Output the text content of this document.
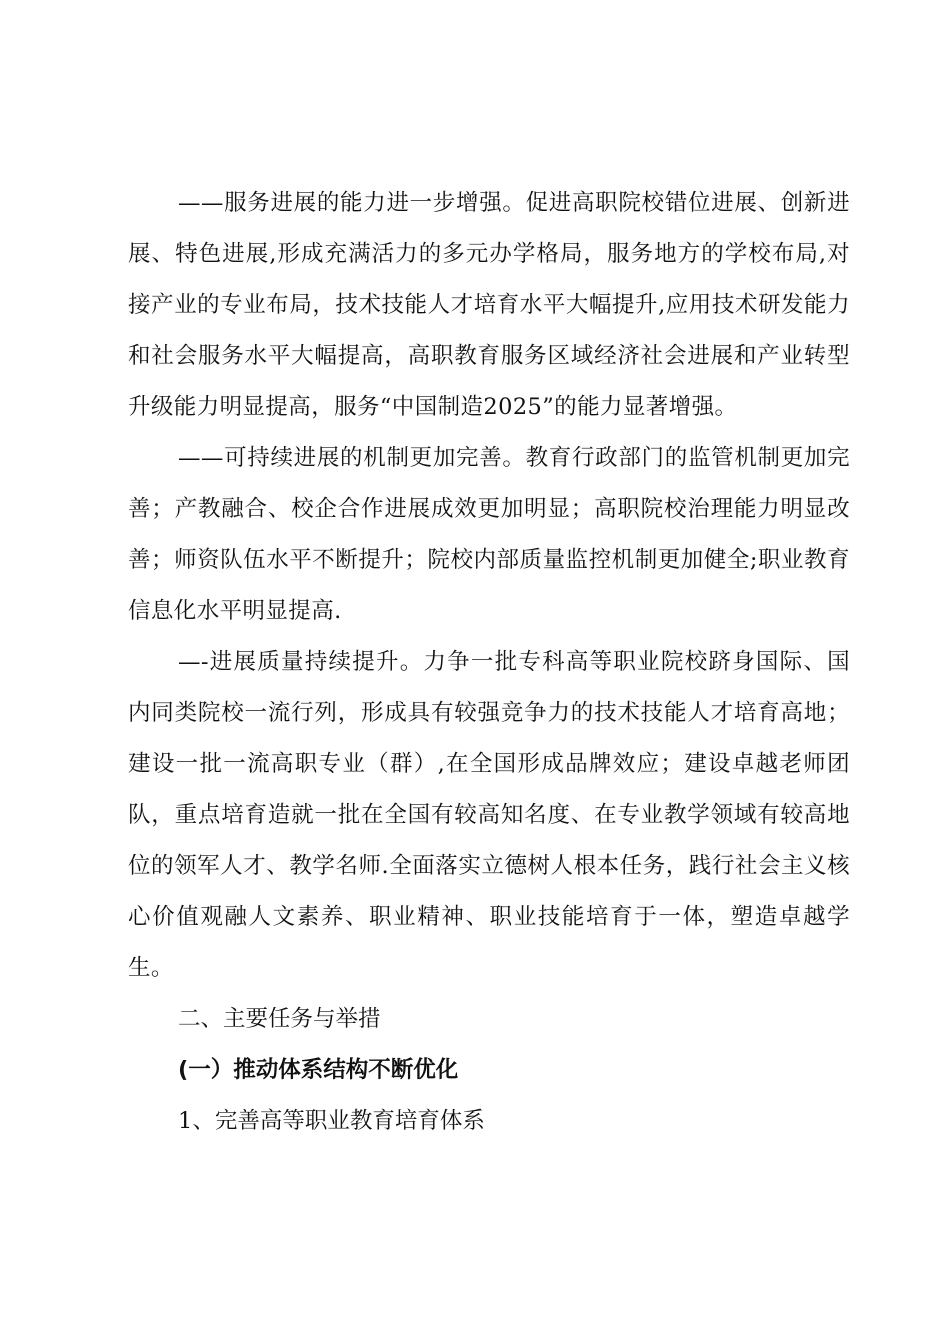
——服务进展的能力进一步增强。促进高职院校错位进展、创新进展、特色进展,形成充满活力的多元办学格局，服务地方的学校布局,对接产业的专业布局，技术技能人才培育水平大幅提升,应用技术研发能力和社会服务水平大幅提高，高职教育服务区域经济社会进展和产业转型升级能力明显提高，服务“中国制造2025”的能力显著增强。

——可持续进展的机制更加完善。教育行政部门的监管机制更加完善；产教融合、校企合作进展成效更加明显；高职院校治理能力明显改善；师资队伍水平不断提升；院校内部质量监控机制更加健全;职业教育信息化水平明显提高.

—-进展质量持续提升。力争一批专科高等职业院校跻身国际、国内同类院校一流行列，形成具有较强竞争力的技术技能人才培育高地；建设一批一流高职专业（群）,在全国形成品牌效应；建设卓越老师团队，重点培育造就一批在全国有较高知名度、在专业教学领域有较高地位的领军人才、教学名师.全面落实立德树人根本任务，践行社会主义核心价值观融人文素养、职业精神、职业技能培育于一体，塑造卓越学生。

二、主要任务与举措

(一）推动体系结构不断优化

1、完善高等职业教育培育体系
